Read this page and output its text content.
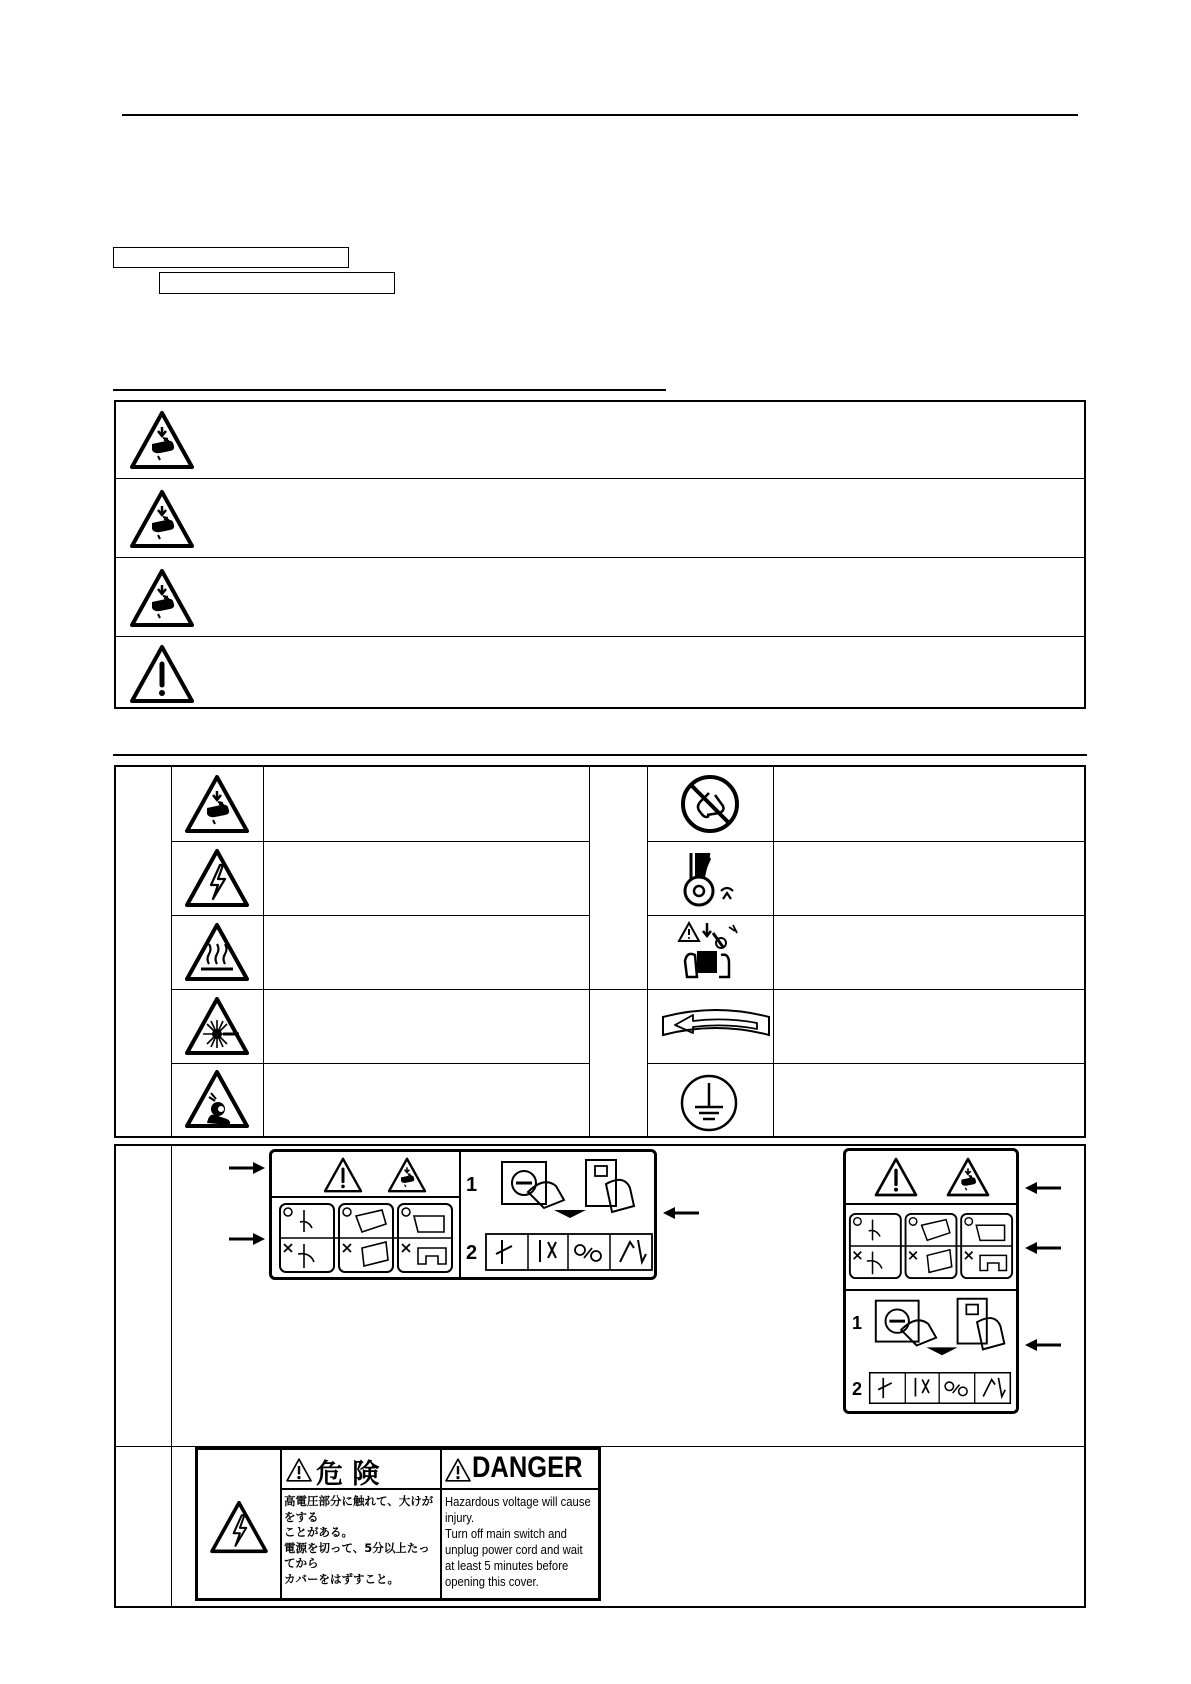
1
2
1
2
危 険	DANGER
高電圧部分に触れて、大けがをする
ことがある。
電源を切って、5分以上たってから
カバーをはずすこと。
Hazardous voltage will cause
injury.
Turn off main switch and
unplug power cord and wait
at least 5 minutes before
opening this cover.
